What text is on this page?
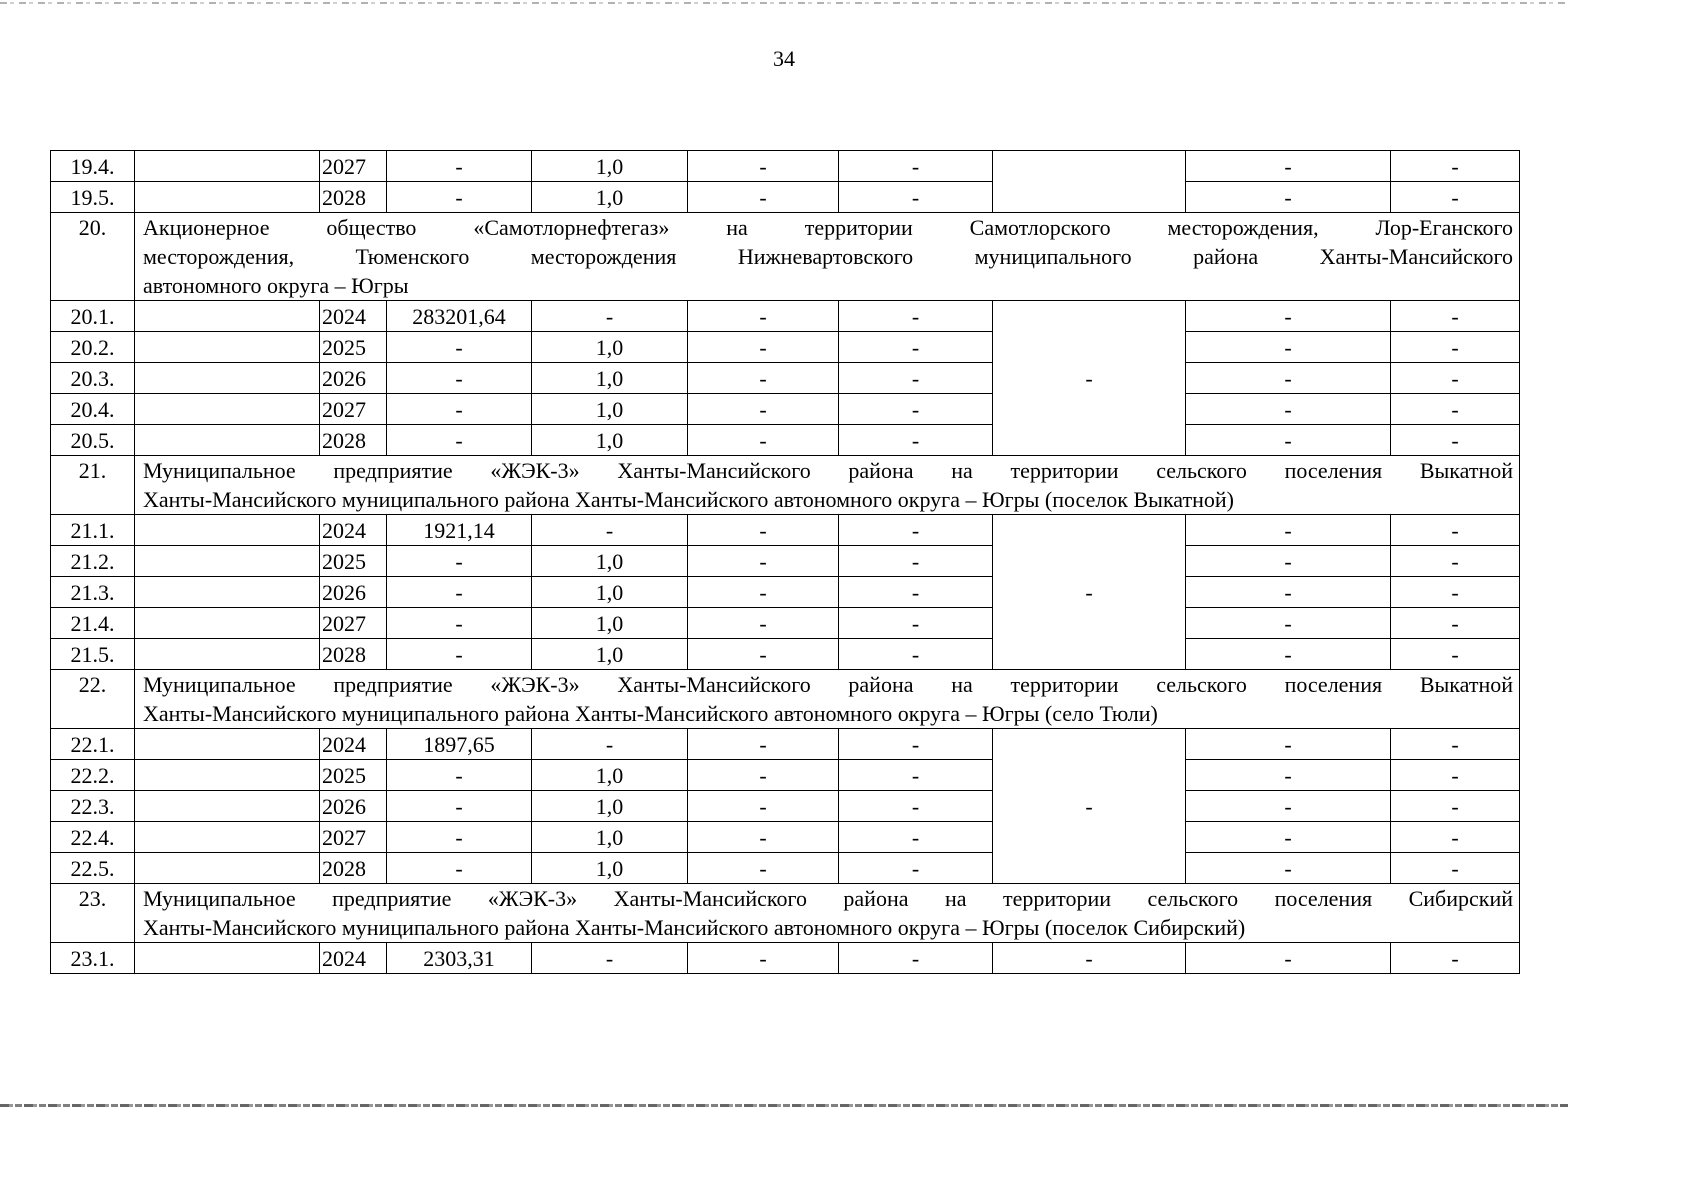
34
19.4.		2027	-	1,0	-	-		-	-
19.5.		2028	-	1,0	-	-		-	-
20.	Акционерное общество «Самотлорнефтегаз» на территории Самотлорского месторождения, Лор-Еганского
месторождения, Тюменского месторождения Нижневартовского муниципального района Ханты-Мансийского
автономного округа – Югры								

20.1.		2024	283201,64	-	-	-	-	-	-
20.2.		2025	-	1,0	-	-		-	-
20.3.		2026	-	1,0	-	-		-	-
20.4.		2027	-	1,0	-	-		-	-
20.5.		2028	-	1,0	-	-		-	-
21.	Муниципальное предприятие «ЖЭК-3» Ханты-Мансийского района на территории сельского поселения Выкатной
Ханты-Мансийского муниципального района Ханты-Мансийского автономного округа – Югры (поселок Выкатной)								

21.1.		2024	1921,14	-	-	-	-	-	-
21.2.		2025	-	1,0	-	-		-	-
21.3.		2026	-	1,0	-	-		-	-
21.4.		2027	-	1,0	-	-		-	-
21.5.		2028	-	1,0	-	-		-	-
22.	Муниципальное предприятие «ЖЭК-3» Ханты-Мансийского района на территории сельского поселения Выкатной
Ханты-Мансийского муниципального района Ханты-Мансийского автономного округа – Югры (село Тюли)								

22.1.		2024	1897,65	-	-	-	-	-	-
22.2.		2025	-	1,0	-	-		-	-
22.3.		2026	-	1,0	-	-		-	-
22.4.		2027	-	1,0	-	-		-	-
22.5.		2028	-	1,0	-	-		-	-
23.	Муниципальное предприятие «ЖЭК-3» Ханты-Мансийского района на территории сельского поселения Сибирский
Ханты-Мансийского муниципального района Ханты-Мансийского автономного округа – Югры (поселок Сибирский)								

23.1.		2024	2303,31	-	-	-	-	-	-
